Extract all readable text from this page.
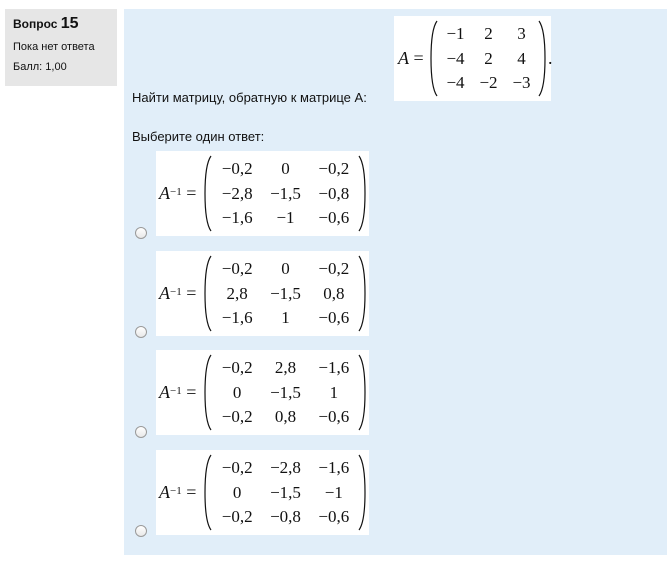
Вопрос 15
Пока нет ответа
Балл: 1,00	A
=
−1	2	3
−4	2	4
−4 −2 −3
.
Найти матрицу, обратную к матрице A:
Выберите один ответ:
$A^{-1}$
=
−0,2	0	−0,2
−2,8	−1,5	−0,8
−1,6	−1	−0,6
$A^{-1}$
=
−0,2	0	−0,2
2,8	−1,5	0,8
−1,6	1	−0,6
$A^{-1}$
=
−0,2	2,8	−1,6
0	−1,5	1
−0,2	0,8	−0,6
$A^{-1}$
=
−0,2	−2,8	−1,6
0	−1,5	−1
−0,2	−0,8	−0,6
